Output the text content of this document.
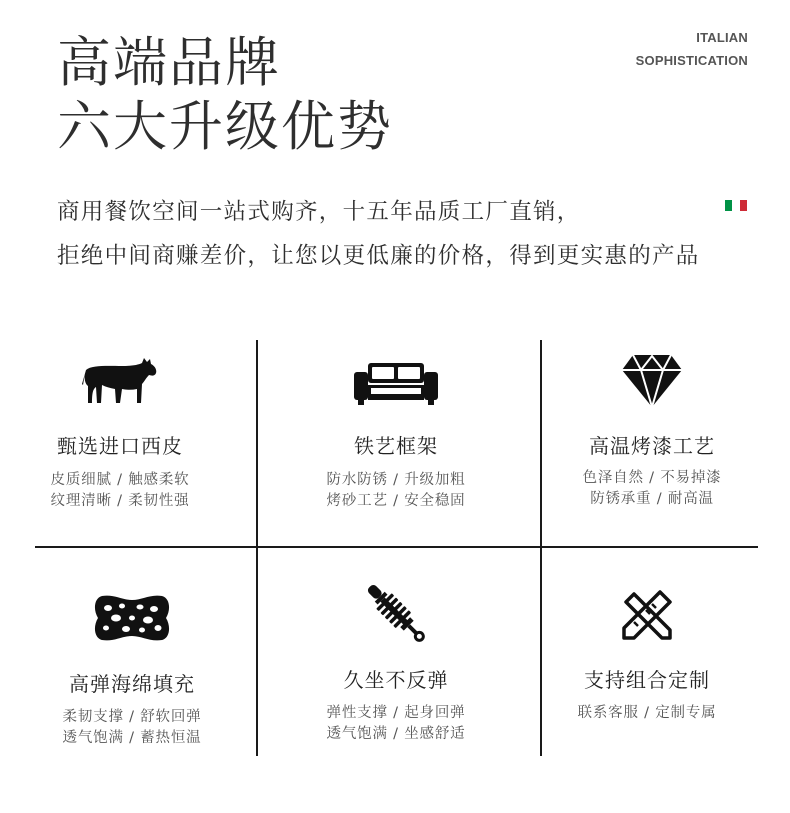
高端品牌
六大升级优势
ITALIAN
SOPHISTICATION
商用餐饮空间一站式购齐，十五年品质工厂直销，
拒绝中间商赚差价，让您以更低廉的价格，得到更实惠的产品
甄选进口西皮
皮质细腻 / 触感柔软
纹理清晰 / 柔韧性强
铁艺框架
防水防锈 / 升级加粗
烤砂工艺 / 安全稳固
高温烤漆工艺
色泽自然 / 不易掉漆
防锈承重 / 耐高温
高弹海绵填充
柔韧支撑 / 舒软回弹
透气饱满 / 蓄热恒温
久坐不反弹
弹性支撑 / 起身回弹
透气饱满 / 坐感舒适
支持组合定制
联系客服 / 定制专属
